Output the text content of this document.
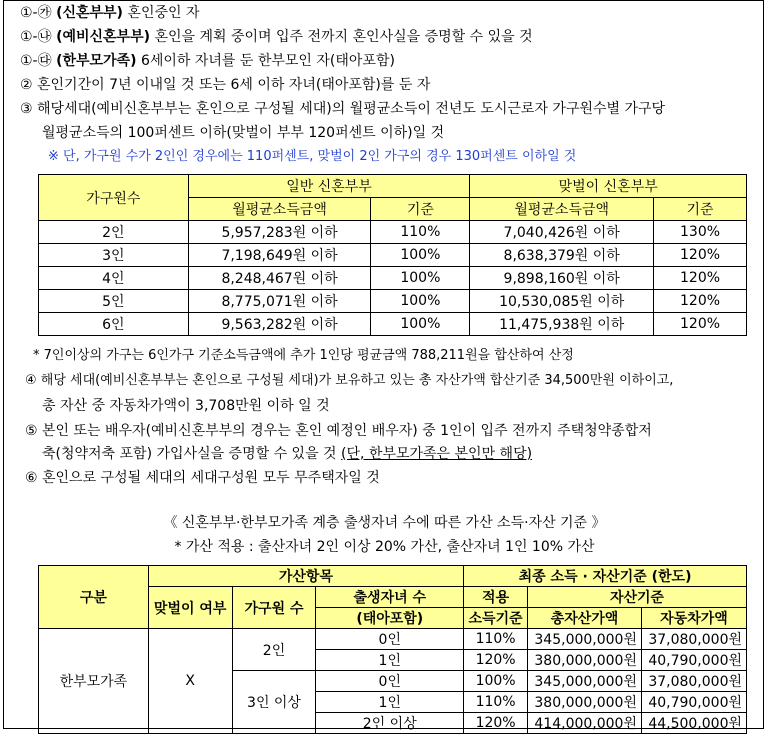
①-㉮ (신혼부부) 혼인중인 자
①-㉯ (예비신혼부부) 혼인을 계획 중이며 입주 전까지 혼인사실을 증명할 수 있을 것
①-㉰ (한부모가족) 6세이하 자녀를 둔 한부모인 자(태아포함)
② 혼인기간이 7년 이내일 것 또는 6세 이하 자녀(태아포함)를 둔 자
③ 해당세대(예비신혼부부는 혼인으로 구성될 세대)의 월평균소득이 전년도 도시근로자 가구원수별 가구당
월평균소득의 100퍼센트 이하(맞벌이 부부 120퍼센트 이하)일 것
※ 단, 가구원 수가 2인인 경우에는 110퍼센트, 맞벌이 2인 가구의 경우 130퍼센트 이하일 것
가구원수	일반 신혼부부		맞벌이 신혼부부	
	월평균소득금액	기준	월평균소득금액	기준
2인	5,957,283원 이하	110%	7,040,426원 이하	130%
3인	7,198,649원 이하	100%	8,638,379원 이하	120%
4인	8,248,467원 이하	100%	9,898,160원 이하	120%
5인	8,775,071원 이하	100%	10,530,085원 이하	120%
6인	9,563,282원 이하	100%	11,475,938원 이하	120%
* 7인이상의 가구는 6인가구 기준소득금액에 추가 1인당 평균금액 788,211원을 합산하여 산정
④ 해당 세대(예비신혼부부는 혼인으로 구성될 세대)가 보유하고 있는 총 자산가액 합산기준 34,500만원 이하이고,
총 자산 중 자동차가액이 3,708만원 이하 일 것
⑤ 본인 또는 배우자(예비신혼부부의 경우는 혼인 예정인 배우자) 중 1인이 입주 전까지 주택청약종합저
축(청약저축 포함) 가입사실을 증명할 수 있을 것 (단, 한부모가족은 본인만 해당)
⑥ 혼인으로 구성될 세대의 세대구성원 모두 무주택자일 것
《 신혼부부·한부모가족 계층 출생자녀 수에 따른 가산 소득·자산 기준 》
* 가산 적용 : 출산자녀 2인 이상 20% 가산, 출산자녀 1인 10% 가산
구분	가산항목			최종 소득 · 자산기준 (한도)		
	맞벌이 여부	가구원 수	출생자녀 수	적용	자산기준	
			(태아포함)	소득기준	총자산가액	자동차가액
한부모가족	X	2인	0인	110%	345,000,000원	37,080,000원
			1인	120%	380,000,000원	40,790,000원
		3인 이상	0인	100%	345,000,000원	37,080,000원
			1인	110%	380,000,000원	40,790,000원
			2인 이상	120%	414,000,000원	44,500,000원
